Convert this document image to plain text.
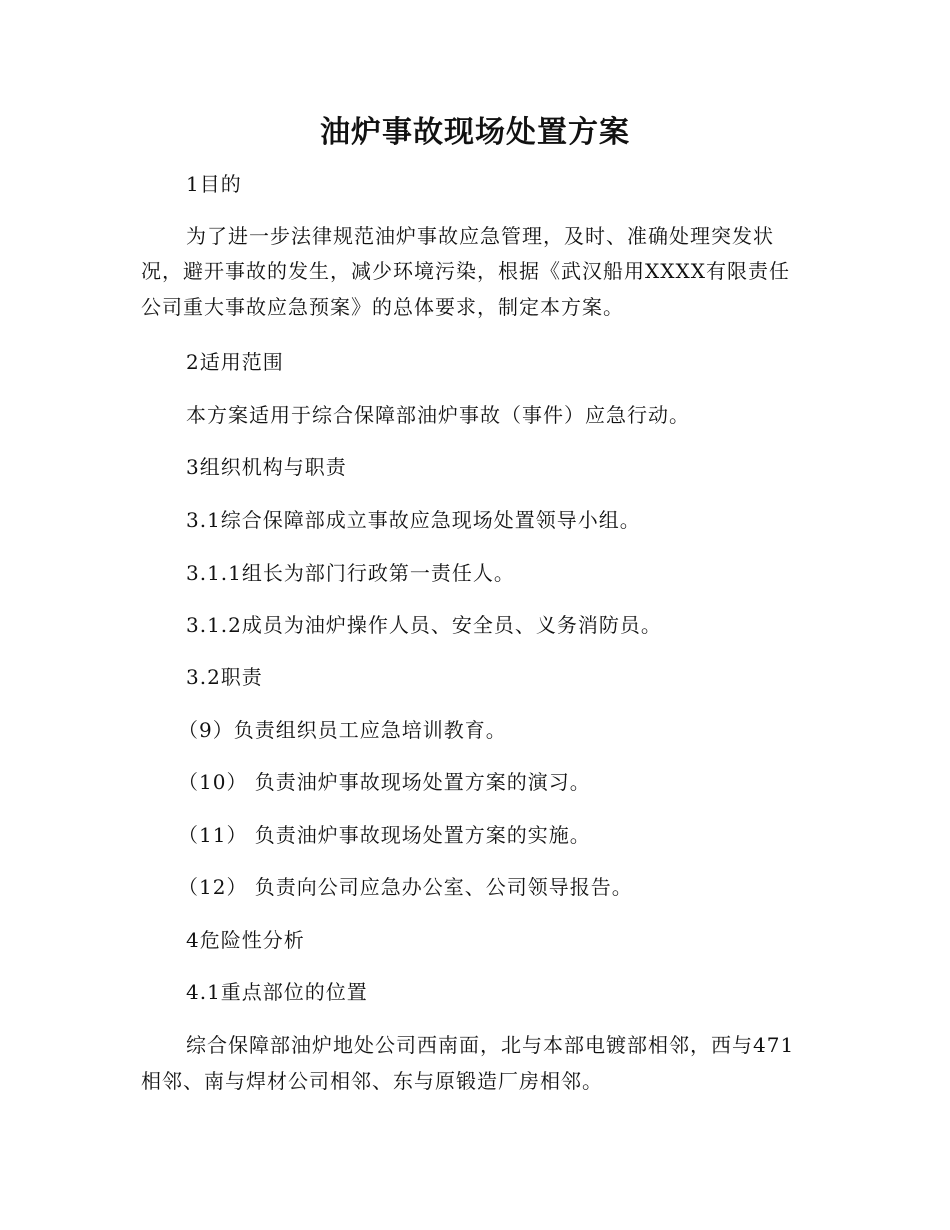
油炉事故现场处置方案

1目的

为了进一步法律规范油炉事故应急管理，及时、准确处理突发状

况，避开事故的发生，减少环境污染，根据《武汉船用XXXX有限责任

公司重大事故应急预案》的总体要求，制定本方案。

2适用范围

本方案适用于综合保障部油炉事故（事件）应急行动。

3组织机构与职责

3.1综合保障部成立事故应急现场处置领导小组。

3.1.1组长为部门行政第一责任人。

3.1.2成员为油炉操作人员、安全员、义务消防员。

3.2职责

（9）负责组织员工应急培训教育。

（10） 负责油炉事故现场处置方案的演习。

（11） 负责油炉事故现场处置方案的实施。

（12） 负责向公司应急办公室、公司领导报告。

4危险性分析

4.1重点部位的位置

综合保障部油炉地处公司西南面，北与本部电镀部相邻，西与471

相邻、南与焊材公司相邻、东与原锻造厂房相邻。
